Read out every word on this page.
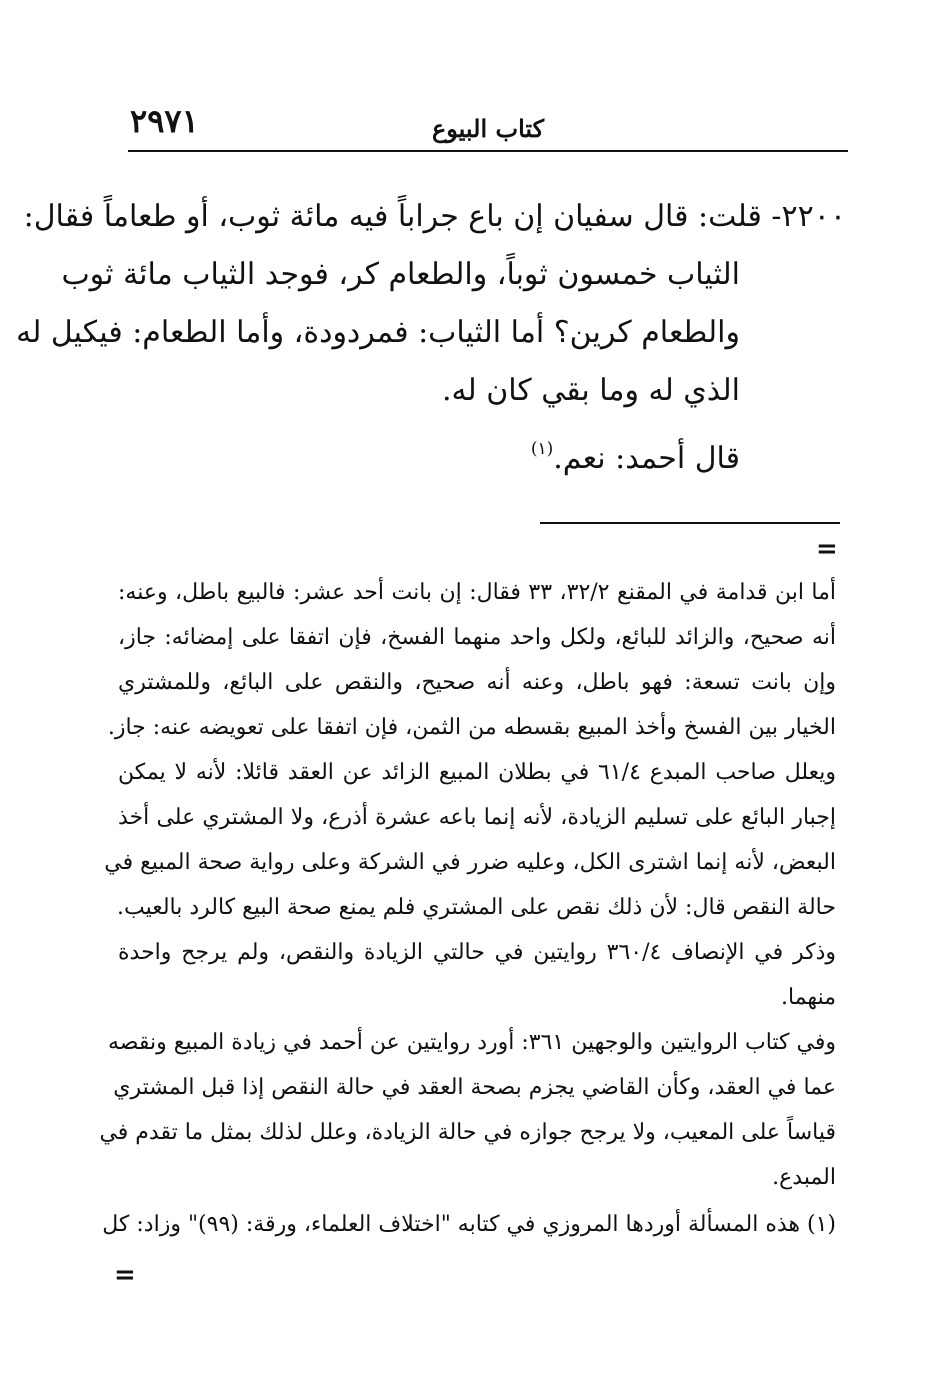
٢٩٧١	كتاب البيوع
٢٢٠٠- قلت: قال سفيان إن باع جراباً فيه مائة ثوب، أو طعاماً فقال:
الثياب خمسون ثوباً، والطعام كر، فوجد الثياب مائة ثوب
والطعام كرين؟ أما الثياب: فمردودة، وأما الطعام: فيكيل له
الذي له وما بقي كان له.
قال أحمد: نعم.$^{(١)}$
=
أما ابن قدامة في المقنع ٣٢/٢، ٣٣ فقال: إن بانت أحد عشر: فالبيع باطل، وعنه:
أنه صحيح، والزائد للبائع، ولكل واحد منهما الفسخ، فإن اتفقا على إمضائه: جاز،
وإن بانت تسعة: فهو باطل، وعنه أنه صحيح، والنقص على البائع، وللمشتري
الخيار بين الفسخ وأخذ المبيع بقسطه من الثمن، فإن اتفقا على تعويضه عنه: جاز.
ويعلل صاحب المبدع ٦١/٤ في بطلان المبيع الزائد عن العقد قائلا: لأنه لا يمكن
إجبار البائع على تسليم الزيادة، لأنه إنما باعه عشرة أذرع، ولا المشتري على أخذ
البعض، لأنه إنما اشترى الكل، وعليه ضرر في الشركة وعلى رواية صحة المبيع في
حالة النقص قال: لأن ذلك نقص على المشتري فلم يمنع صحة البيع كالرد بالعيب.
وذكر في الإنصاف ٣٦٠/٤ روايتين في حالتي الزيادة والنقص، ولم يرجح واحدة
منهما.
وفي كتاب الروايتين والوجهين ٣٦١: أورد روايتين عن أحمد في زيادة المبيع ونقصه
عما في العقد، وكأن القاضي يجزم بصحة العقد في حالة النقص إذا قبل المشتري
قياساً على المعيب، ولا يرجح جوازه في حالة الزيادة، وعلل لذلك بمثل ما تقدم في
المبدع.
(١) هذه المسألة أوردها المروزي في كتابه "اختلاف العلماء، ورقة: (٩٩)" وزاد: كل
=
